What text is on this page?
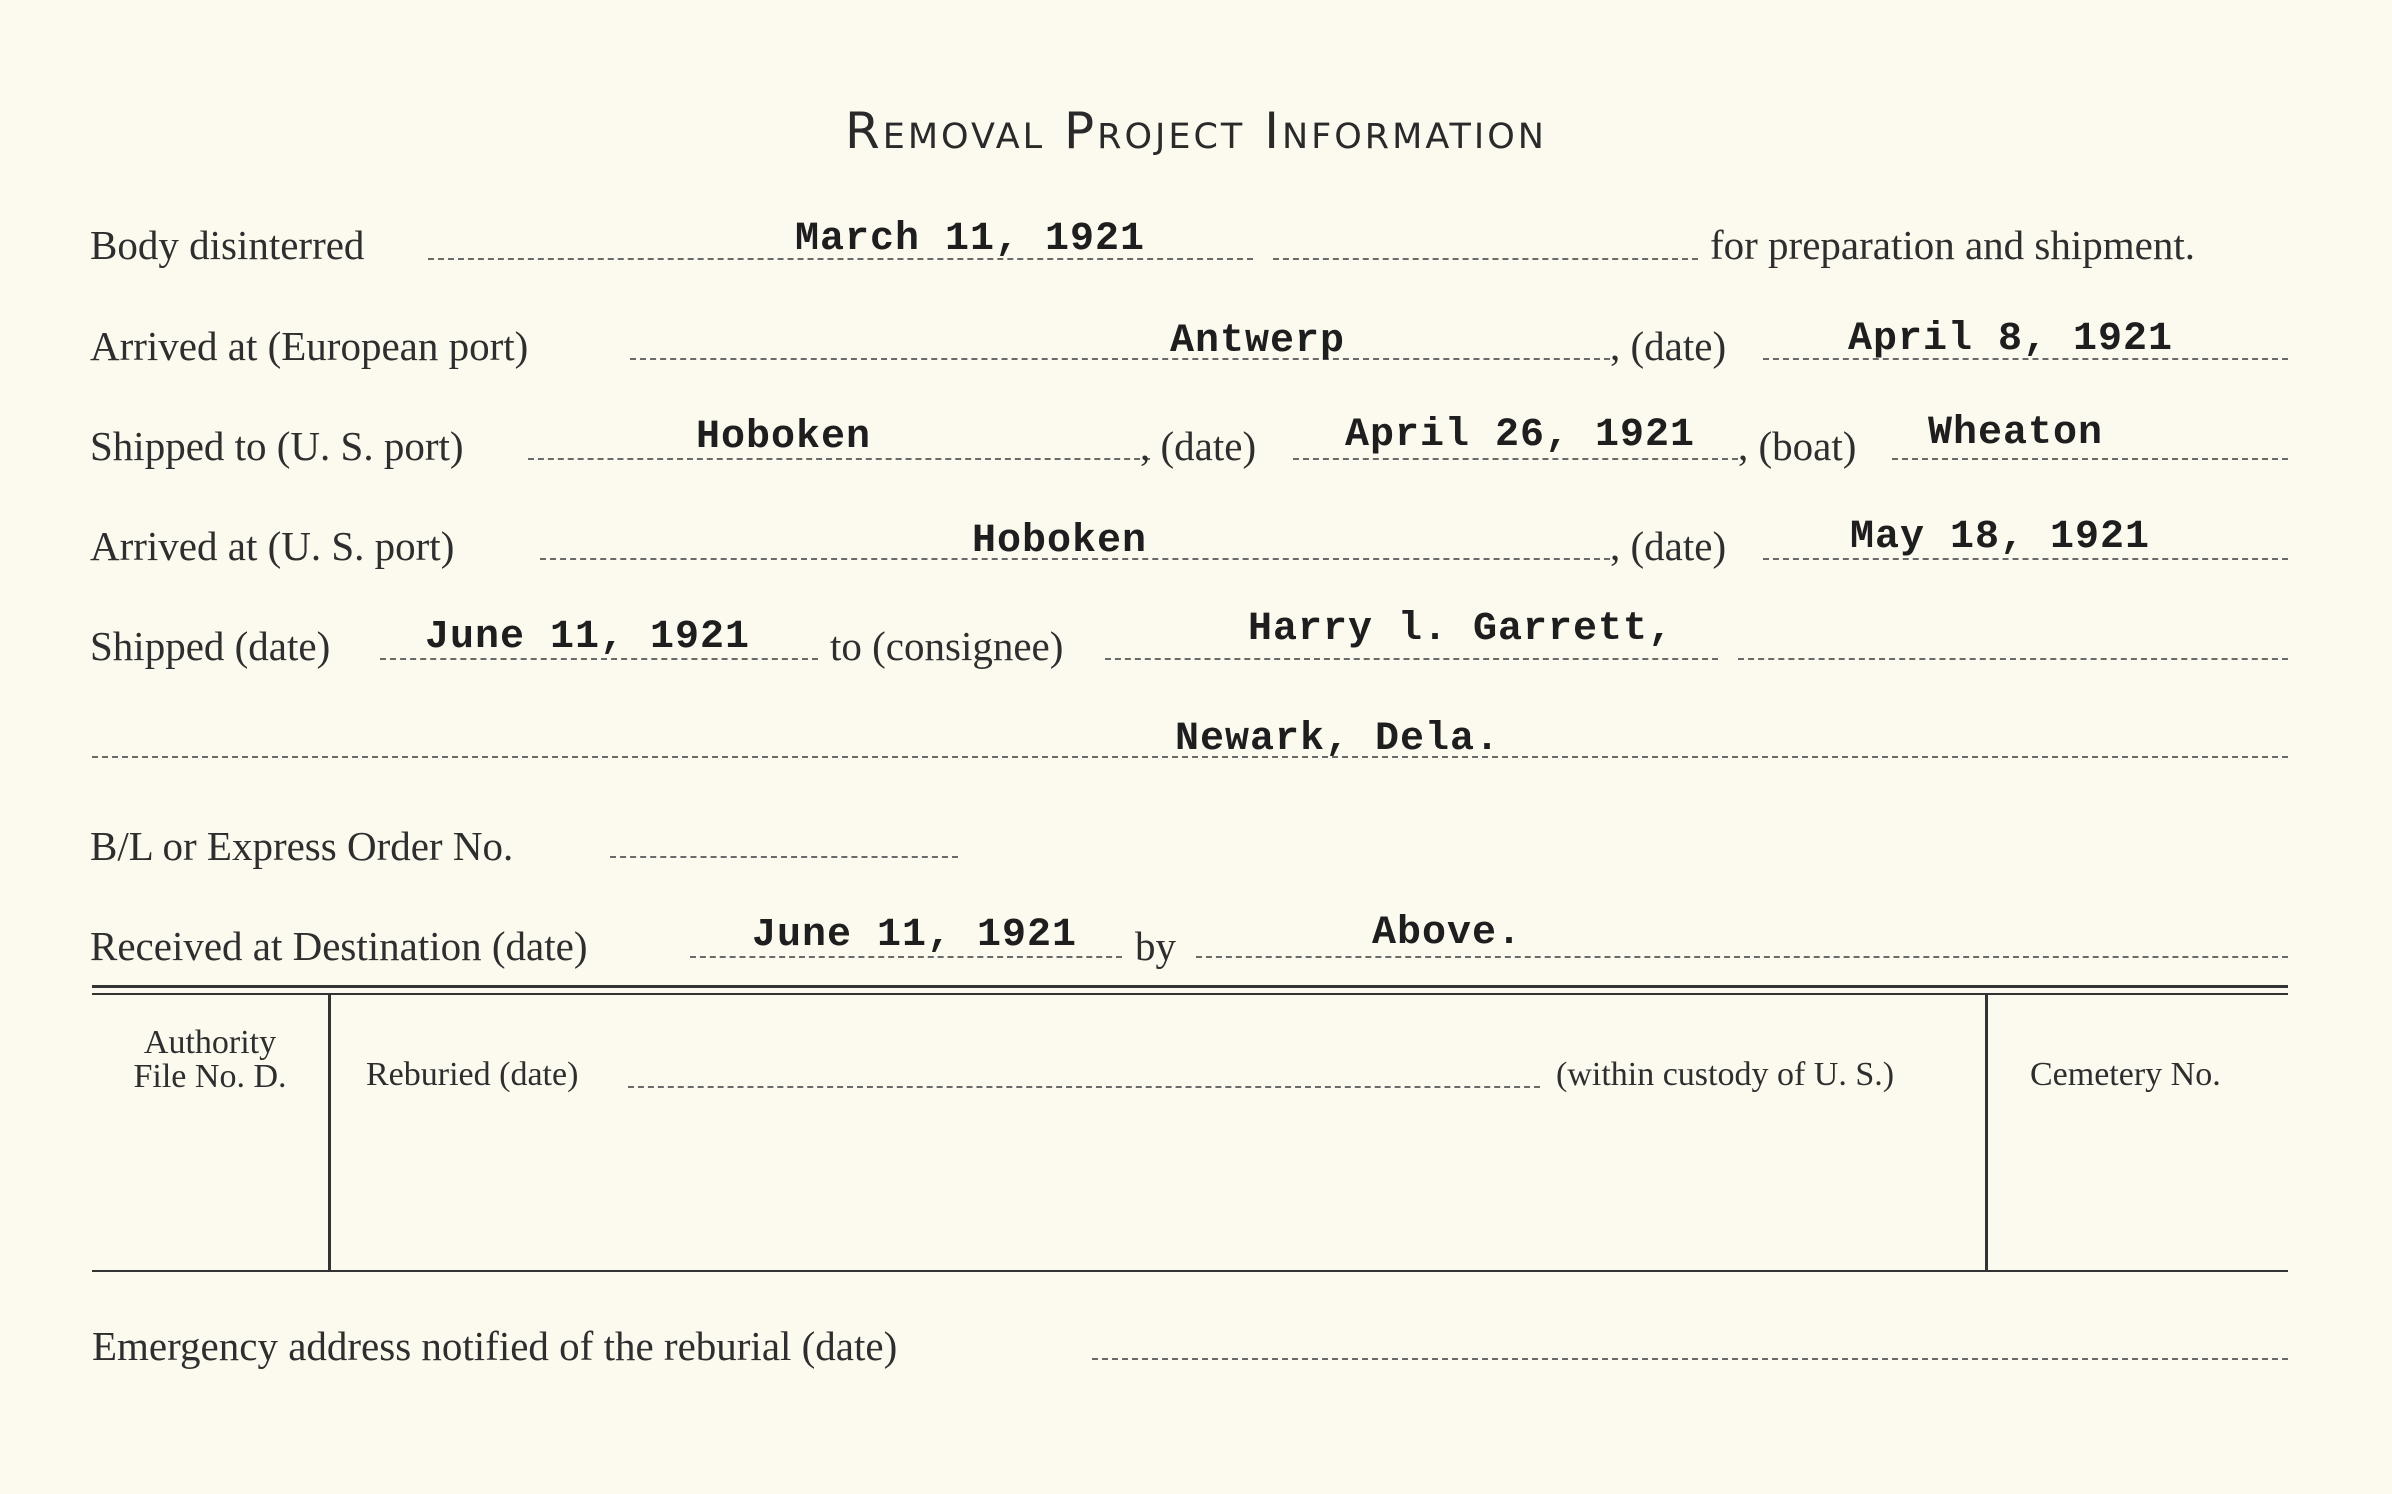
Removal Project Information
Body disinterred	March 11, 1921	for preparation and shipment.
Arrived at (European port)	Antwerp	, (date)	April 8, 1921
Shipped to (U. S. port)	Hoboken	, (date) April 26, 1921 , (boat) Wheaton
Arrived at (U. S. port)	Hoboken	, (date)	May 18, 1921
Shipped (date) June 11, 1921 to (consignee)	Harry l. Garrett,
Newark, Dela.
B/L or Express Order No.
Received at Destination (date)	June 11, 1921 by	Above.
Authority
File No. D.	Reburied (date)	(within custody of U. S.)	Cemetery No.
Emergency address notified of the reburial (date)
